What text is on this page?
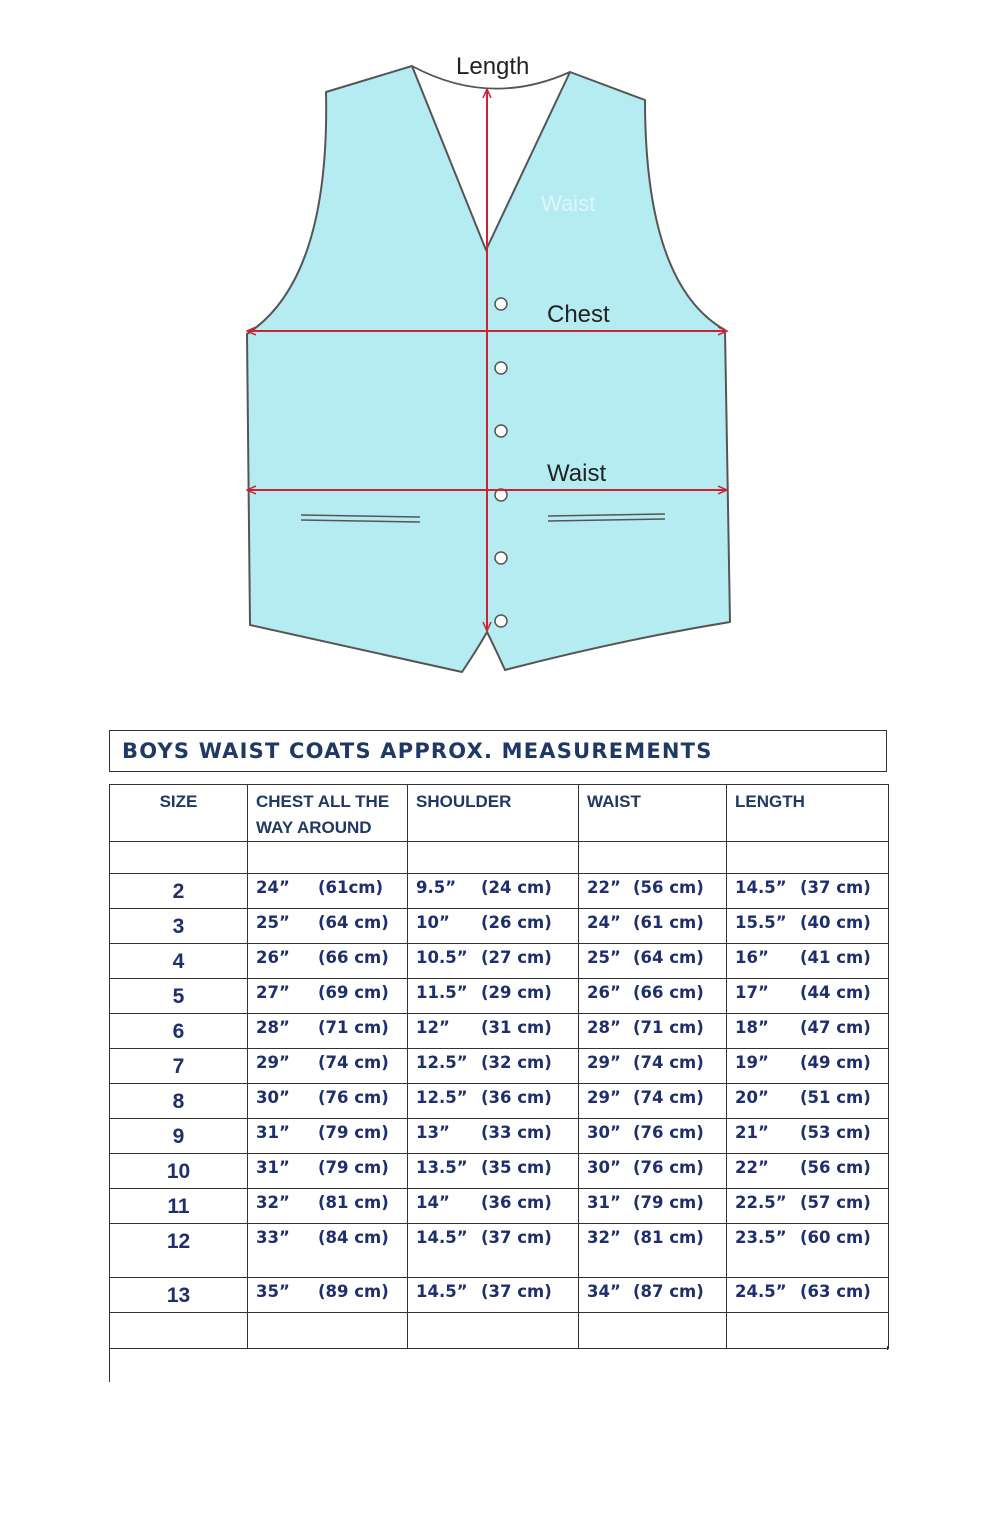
Length
Chest
Waist
Waist
BOYS WAIST COATS APPROX. MEASUREMENTS
SIZE	CHEST ALL THE
WAY AROUND	SHOULDER	WAIST	LENGTH

2	24” (61cm)	9.5” (24 cm)	22” (56 cm)	14.5” (37 cm)

3	25” (64 cm)	10” (26 cm)	24” (61 cm)	15.5” (40 cm)

4	26” (66 cm)	10.5” (27 cm)	25” (64 cm)	16” (41 cm)

5	27” (69 cm)	11.5” (29 cm)	26” (66 cm)	17” (44 cm)

6	28” (71 cm)	12” (31 cm)	28” (71 cm)	18” (47 cm)

7	29” (74 cm)	12.5” (32 cm)	29” (74 cm)	19” (49 cm)

8	30” (76 cm)	12.5” (36 cm)	29” (74 cm)	20” (51 cm)

9	31” (79 cm)	13” (33 cm)	30” (76 cm)	21” (53 cm)

10	31” (79 cm)	13.5” (35 cm)	30” (76 cm)	22” (56 cm)

11	32” (81 cm)	14” (36 cm)	31” (79 cm)	22.5” (57 cm)

12	33” (84 cm)	14.5” (37 cm)	32” (81 cm)	23.5” (60 cm)

13	35” (89 cm)	14.5” (37 cm)	34” (87 cm)	24.5” (63 cm)
